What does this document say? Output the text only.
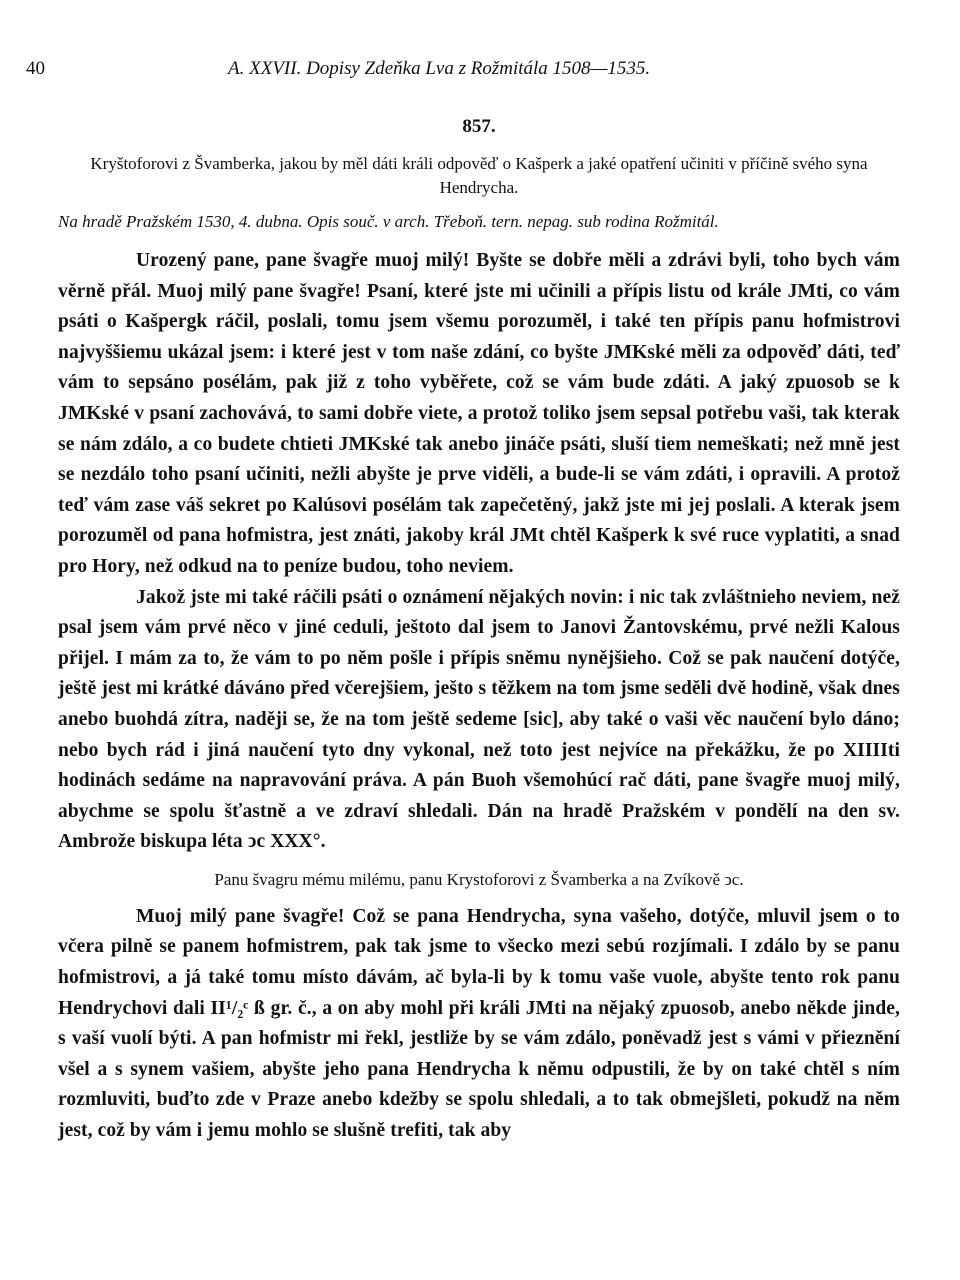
40	A. XXVII. Dopisy Zdeňka Lva z Rožmitála 1508—1535.
857.
Kryštoforovi z Švamberka, jakou by měl dáti králi odpověď o Kašperk a jaké opatření učiniti v příčině svého syna Hendrycha.
Na hradě Pražském 1530, 4. dubna. Opis souč. v arch. Třeboň. tern. nepag. sub rodina Rožmitál.

Urozený pane, pane švagře muoj milý! Byšte se dobře měli a zdrávi byli, toho bych vám věrně přál. Muoj milý pane švagře! Psaní, které jste mi učinili a přípis listu od krále JMti, co vám psáti o Kašpergk ráčil, poslali, tomu jsem všemu porozuměl, i také ten přípis panu hofmistrovi najvyššiemu ukázal jsem: i které jest v tom naše zdání, co byšte JMKské měli za odpověď dáti, teď vám to sepsáno posélám, pak již z toho vyběřete, což se vám bude zdáti. A jaký zpuosob se k JMKské v psaní zachovává, to sami dobře viete, a protož toliko jsem sepsal potřebu vaši, tak kterak se nám zdálo, a co budete chtieti JMKské tak anebo jináče psáti, sluší tiem nemeškati; než mně jest se nezdálo toho psaní učiniti, nežli abyšte je prve viděli, a bude-li se vám zdáti, i opravili. A protož teď vám zase váš sekret po Kalúsovi posélám tak zapečetěný, jakž jste mi jej poslali. A kterak jsem porozuměl od pana hofmistra, jest znáti, jakoby král JMt chtěl Kašperk k své ruce vyplatiti, a snad pro Hory, než odkud na to peníze budou, toho neviem.

Jakož jste mi také ráčili psáti o oznámení nějakých novin: i nic tak zvláštnieho neviem, než psal jsem vám prvé něco v jiné ceduli, ještoto dal jsem to Janovi Žantovskému, prvé nežli Kalous přijel. I mám za to, že vám to po něm pošle i přípis sněmu nynějšieho. Což se pak naučení dotýče, ještě jest mi krátké dáváno před včerejšiem, ješto s těžkem na tom jsme seděli dvě hodině, však dnes anebo buohdá zítra, naději se, že na tom ještě sedeme [sic], aby také o vaši věc naučení bylo dáno; nebo bych rád i jiná naučení tyto dny vykonal, než toto jest nejvíce na překážku, že po XIIIIti hodinách sedáme na napravování práva. A pán Buoh všemohúcí rač dáti, pane švagře muoj milý, abychme se spolu šťastně a ve zdraví shledali. Dán na hradě Pražském v pondělí na den sv. Ambrože biskupa léta ↄc XXX°.

Panu švagru mému milému, panu Krystoforovi z Švamberka a na Zvíkově ↄc.

Muoj milý pane švagře! Což se pana Hendrycha, syna vašeho, dotýče, mluvil jsem o to včera pilně se panem hofmistrem, pak tak jsme to všecko mezi sebú rozjímali. I zdálo by se panu hofmistrovi, a já také tomu místo dávám, ač byla-li by k tomu vaše vuole, abyšte tento rok panu Hendrychovi dali II¹/₂ᶜ ß gr. č., a on aby mohl při králi JMti na nějaký zpuosob, anebo někde jinde, s vaší vuolí býti. A pan hofmistr mi řekl, jestliže by se vám zdálo, poněvadž jest s vámi v přieznění všel a s synem vašiem, abyšte jeho pana Hendrycha k němu odpustili, že by on také chtěl s ním rozmluviti, buďto zde v Praze anebo kdežby se spolu shledali, a to tak obmejšleti, pokudž na něm jest, což by vám i jemu mohlo se slušně trefiti, tak aby
